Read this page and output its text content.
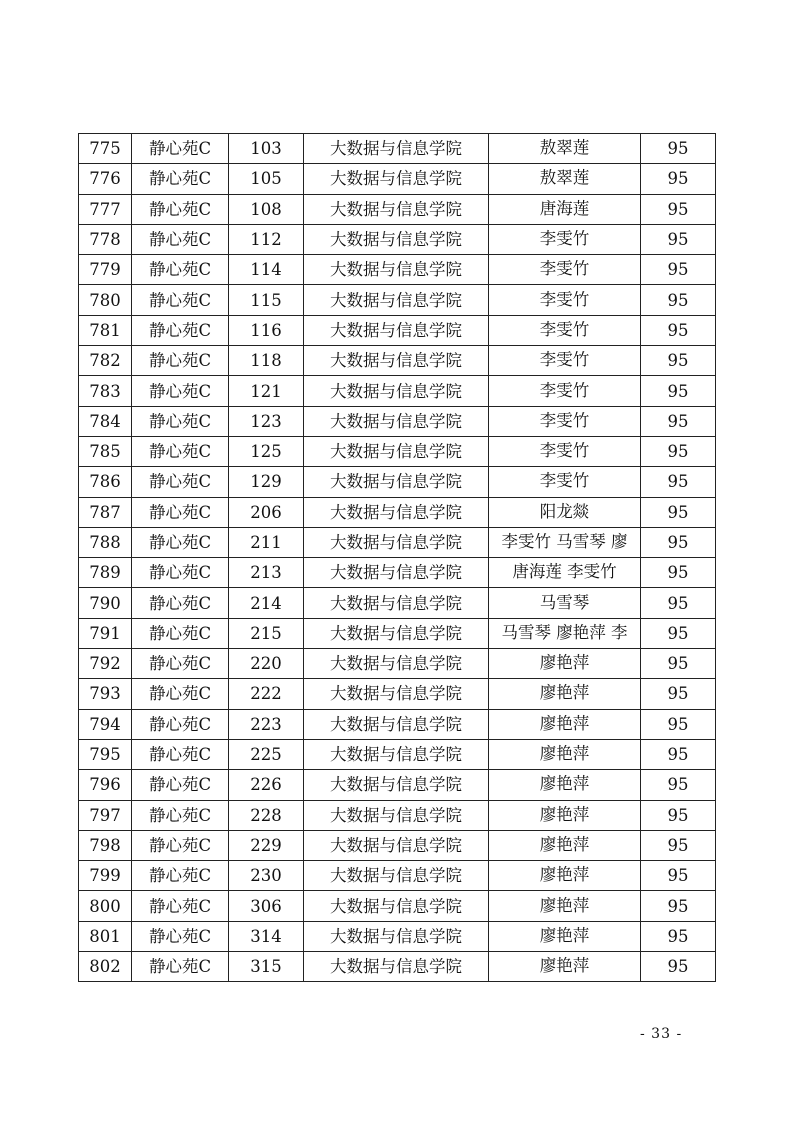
775	静心苑C	103	大数据与信息学院	敖翠莲	95
776	静心苑C	105	大数据与信息学院	敖翠莲	95
777	静心苑C	108	大数据与信息学院	唐海莲	95
778	静心苑C	112	大数据与信息学院	李雯竹	95
779	静心苑C	114	大数据与信息学院	李雯竹	95
780	静心苑C	115	大数据与信息学院	李雯竹	95
781	静心苑C	116	大数据与信息学院	李雯竹	95
782	静心苑C	118	大数据与信息学院	李雯竹	95
783	静心苑C	121	大数据与信息学院	李雯竹	95
784	静心苑C	123	大数据与信息学院	李雯竹	95
785	静心苑C	125	大数据与信息学院	李雯竹	95
786	静心苑C	129	大数据与信息学院	李雯竹	95
787	静心苑C	206	大数据与信息学院	阳龙燚	95
788	静心苑C	211	大数据与信息学院	李雯竹 马雪琴 廖	95
789	静心苑C	213	大数据与信息学院	唐海莲 李雯竹	95
790	静心苑C	214	大数据与信息学院	马雪琴	95
791	静心苑C	215	大数据与信息学院	马雪琴 廖艳萍 李	95
792	静心苑C	220	大数据与信息学院	廖艳萍	95
793	静心苑C	222	大数据与信息学院	廖艳萍	95
794	静心苑C	223	大数据与信息学院	廖艳萍	95
795	静心苑C	225	大数据与信息学院	廖艳萍	95
796	静心苑C	226	大数据与信息学院	廖艳萍	95
797	静心苑C	228	大数据与信息学院	廖艳萍	95
798	静心苑C	229	大数据与信息学院	廖艳萍	95
799	静心苑C	230	大数据与信息学院	廖艳萍	95
800	静心苑C	306	大数据与信息学院	廖艳萍	95
801	静心苑C	314	大数据与信息学院	廖艳萍	95
802	静心苑C	315	大数据与信息学院	廖艳萍	95
- 33 -
